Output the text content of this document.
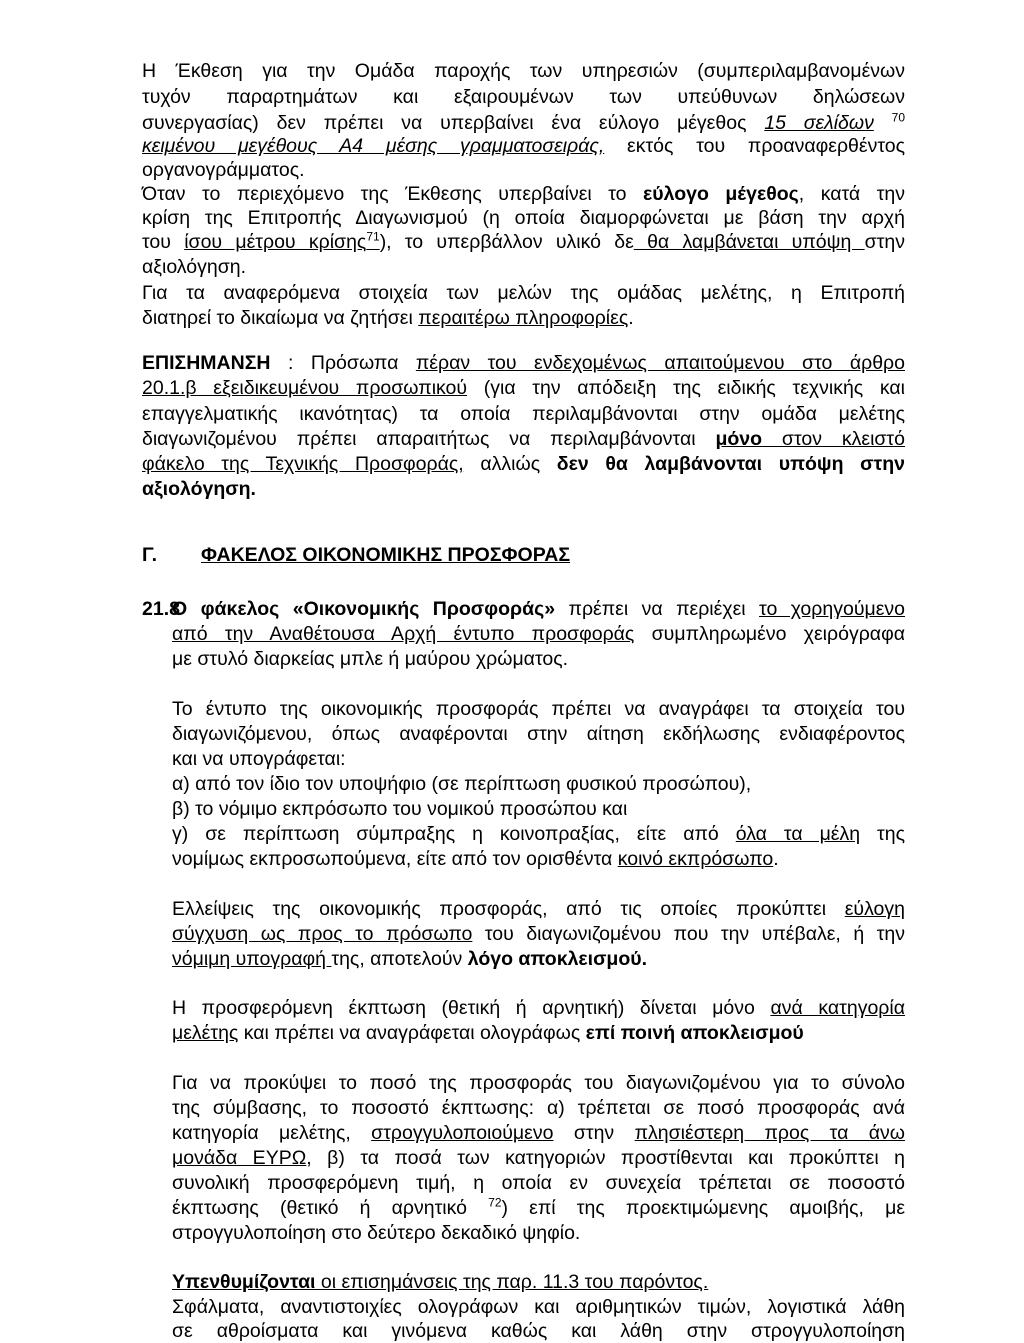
Η Έκθεση για την Ομάδα παροχής των υπηρεσιών (συμπεριλαμβανομένων
τυχόν παραρτημάτων και εξαιρουμένων των υπεύθυνων δηλώσεων
συνεργασίας) δεν πρέπει να υπερβαίνει ένα εύλογο μέγεθος 15 σελίδων $^{70}$
κειμένου μεγέθους Α4 μέσης γραμματοσειράς, εκτός του προαναφερθέντος
οργανογράμματος.
Όταν το περιεχόμενο της Έκθεσης υπερβαίνει το εύλογο μέγεθος, κατά την
κρίση της Επιτροπής Διαγωνισμού (η οποία διαμορφώνεται με βάση την αρχή
του ίσου μέτρου κρίσης$^{71}$), το υπερβάλλον υλικό δε θα λαμβάνεται υπόψη στην
αξιολόγηση.
Για τα αναφερόμενα στοιχεία των μελών της ομάδας μελέτης, η Επιτροπή
διατηρεί το δικαίωμα να ζητήσει περαιτέρω πληροφορίες.
ΕΠΙΣΗΜΑΝΣΗ : Πρόσωπα πέραν του ενδεχομένως απαιτούμενου στο άρθρο
20.1.β εξειδικευμένου προσωπικού (για την απόδειξη της ειδικής τεχνικής και
επαγγελματικής ικανότητας) τα οποία περιλαμβάνονται στην ομάδα μελέτης
διαγωνιζομένου πρέπει απαραιτήτως να περιλαμβάνονται μόνο στον κλειστό
φάκελο της Τεχνικής Προσφοράς, αλλιώς δεν θα λαμβάνονται υπόψη στην
αξιολόγηση.
Γ. ΦΑΚΕΛΟΣ ΟΙΚΟΝΟΜΙΚΗΣ ΠΡΟΣΦΟΡΑΣ
21.8
Ο φάκελος «Οικονομικής Προσφοράς» πρέπει να περιέχει το χορηγούμενο
από την Αναθέτουσα Αρχή έντυπο προσφοράς συμπληρωμένο χειρόγραφα
με στυλό διαρκείας μπλε ή μαύρου χρώματος.
Το έντυπο της οικονομικής προσφοράς πρέπει να αναγράφει τα στοιχεία του
διαγωνιζόμενου, όπως αναφέρονται στην αίτηση εκδήλωσης ενδιαφέροντος
και να υπογράφεται:
α) από τον ίδιο τον υποψήφιο (σε περίπτωση φυσικού προσώπου),
β) το νόμιμο εκπρόσωπο του νομικού προσώπου και
γ) σε περίπτωση σύμπραξης η κοινοπραξίας, είτε από όλα τα μέλη της
νομίμως εκπροσωπούμενα, είτε από τον ορισθέντα κοινό εκπρόσωπο.
Ελλείψεις της οικονομικής προσφοράς, από τις οποίες προκύπτει εύλογη
σύγχυση ως προς το πρόσωπο του διαγωνιζομένου που την υπέβαλε, ή την
νόμιμη υπογραφή της, αποτελούν λόγο αποκλεισμού.
Η προσφερόμενη έκπτωση (θετική ή αρνητική) δίνεται μόνο ανά κατηγορία
μελέτης και πρέπει να αναγράφεται ολογράφως επί ποινή αποκλεισμού
Για να προκύψει το ποσό της προσφοράς του διαγωνιζομένου για το σύνολο
της σύμβασης, το ποσοστό έκπτωσης: α) τρέπεται σε ποσό προσφοράς ανά
κατηγορία μελέτης, στρογγυλοποιούμενο στην πλησιέστερη προς τα άνω
μονάδα ΕΥΡΩ, β) τα ποσά των κατηγοριών προστίθενται και προκύπτει η
συνολική προσφερόμενη τιμή, η οποία εν συνεχεία τρέπεται σε ποσοστό
έκπτωσης (θετικό ή αρνητικό $^{72}$) επί της προεκτιμώμενης αμοιβής, με
στρογγυλοποίηση στο δεύτερο δεκαδικό ψηφίο.
Υπενθυμίζονται οι επισημάνσεις της παρ. 11.3 του παρόντος.
Σφάλματα, αναντιστοιχίες ολογράφων και αριθμητικών τιμών, λογιστικά λάθη
σε αθροίσματα και γινόμενα καθώς και λάθη στην στρογγυλοποίηση
